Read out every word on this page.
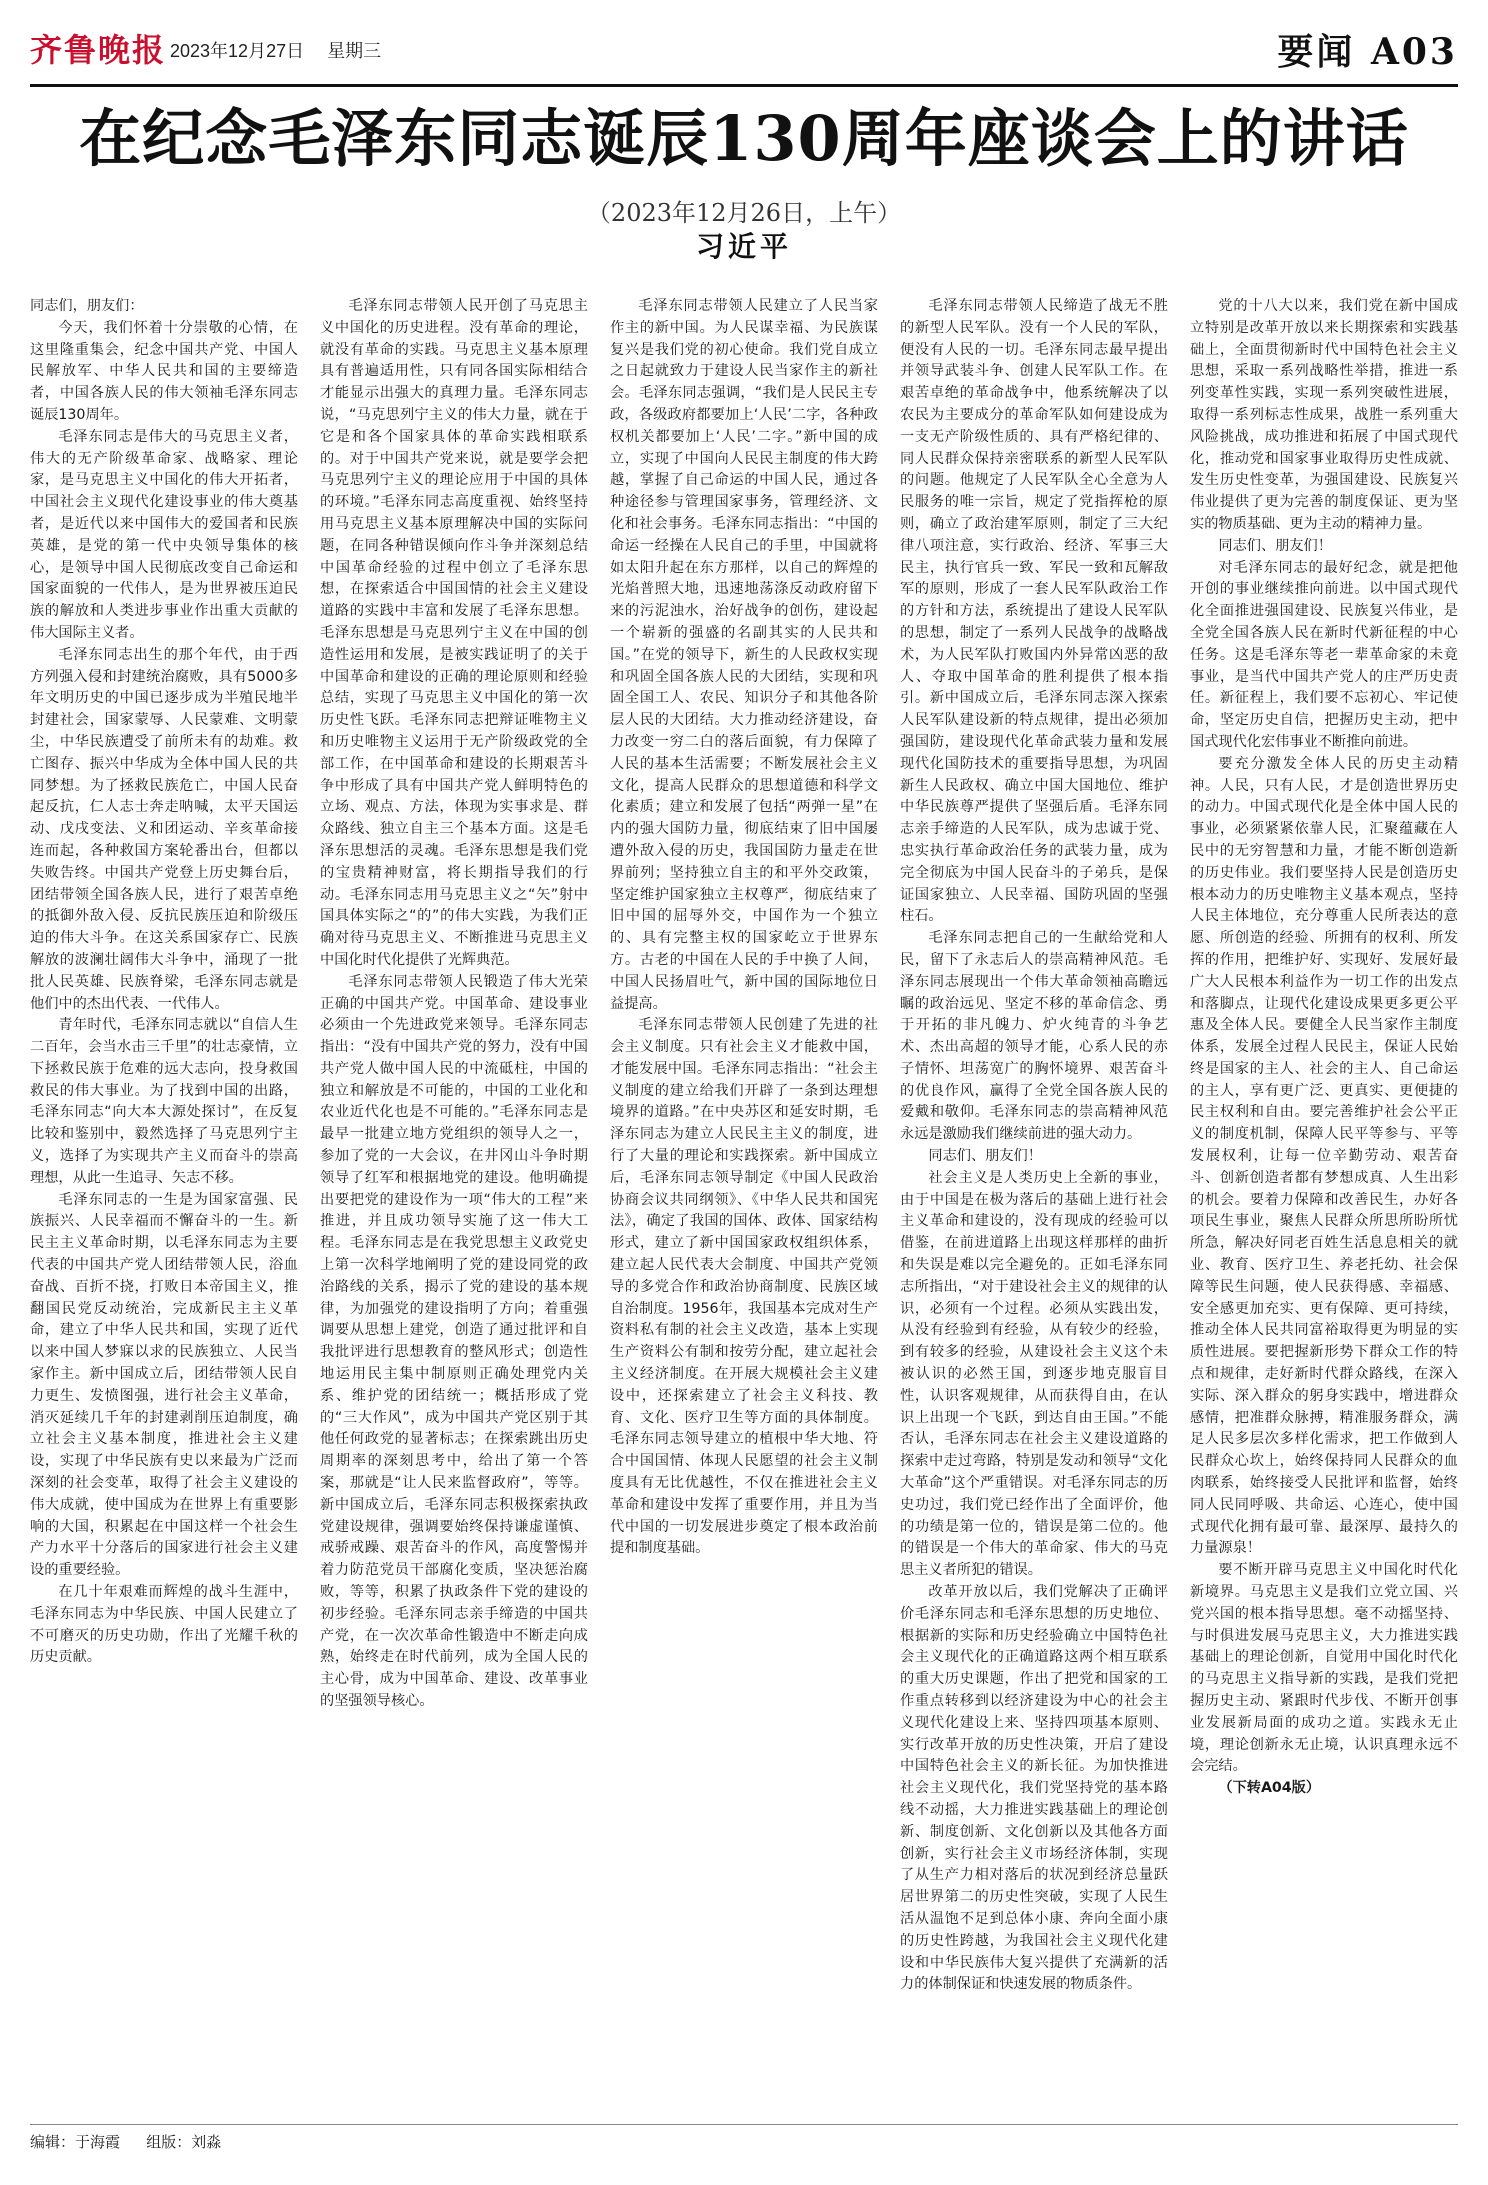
齐鲁晚报 2023年12月27日 星期三	要闻 A03
在纪念毛泽东同志诞辰130周年座谈会上的讲话
（2023年12月26日，上午）
习近平

同志们，朋友们：

今天，我们怀着十分崇敬的心情，在这里隆重集会，纪念中国共产党、中国人民解放军、中华人民共和国的主要缔造者，中国各族人民的伟大领袖毛泽东同志诞辰130周年。

毛泽东同志是伟大的马克思主义者，伟大的无产阶级革命家、战略家、理论家，是马克思主义中国化的伟大开拓者，中国社会主义现代化建设事业的伟大奠基者，是近代以来中国伟大的爱国者和民族英雄，是党的第一代中央领导集体的核心，是领导中国人民彻底改变自己命运和国家面貌的一代伟人，是为世界被压迫民族的解放和人类进步事业作出重大贡献的伟大国际主义者。

毛泽东同志出生的那个年代，由于西方列强入侵和封建统治腐败，具有5000多年文明历史的中国已逐步成为半殖民地半封建社会，国家蒙辱、人民蒙难、文明蒙尘，中华民族遭受了前所未有的劫难。救亡图存、振兴中华成为全体中国人民的共同梦想。为了拯救民族危亡，中国人民奋起反抗，仁人志士奔走呐喊，太平天国运动、戊戌变法、义和团运动、辛亥革命接连而起，各种救国方案轮番出台，但都以失败告终。中国共产党登上历史舞台后，团结带领全国各族人民，进行了艰苦卓绝的抵御外敌入侵、反抗民族压迫和阶级压迫的伟大斗争。在这关系国家存亡、民族解放的波澜壮阔伟大斗争中，涌现了一批批人民英雄、民族脊梁，毛泽东同志就是他们中的杰出代表、一代伟人。

青年时代，毛泽东同志就以“自信人生二百年，会当水击三千里”的壮志豪情，立下拯救民族于危难的远大志向，投身救国救民的伟大事业。为了找到中国的出路，毛泽东同志“向大本大源处探讨”，在反复比较和鉴别中，毅然选择了马克思列宁主义，选择了为实现共产主义而奋斗的崇高理想，从此一生追寻、矢志不移。

毛泽东同志的一生是为国家富强、民族振兴、人民幸福而不懈奋斗的一生。新民主主义革命时期，以毛泽东同志为主要代表的中国共产党人团结带领人民，浴血奋战、百折不挠，打败日本帝国主义，推翻国民党反动统治，完成新民主主义革命，建立了中华人民共和国，实现了近代以来中国人梦寐以求的民族独立、人民当家作主。新中国成立后，团结带领人民自力更生、发愤图强，进行社会主义革命，消灭延续几千年的封建剥削压迫制度，确立社会主义基本制度，推进社会主义建设，实现了中华民族有史以来最为广泛而深刻的社会变革，取得了社会主义建设的伟大成就，使中国成为在世界上有重要影响的大国，积累起在中国这样一个社会生产力水平十分落后的国家进行社会主义建设的重要经验。

在几十年艰难而辉煌的战斗生涯中，毛泽东同志为中华民族、中国人民建立了不可磨灭的历史功勋，作出了光耀千秋的历史贡献。

毛泽东同志带领人民开创了马克思主义中国化的历史进程。没有革命的理论，就没有革命的实践。马克思主义基本原理具有普遍适用性，只有同各国实际相结合才能显示出强大的真理力量。毛泽东同志说，“马克思列宁主义的伟大力量，就在于它是和各个国家具体的革命实践相联系的。对于中国共产党来说，就是要学会把马克思列宁主义的理论应用于中国的具体的环境。”毛泽东同志高度重视、始终坚持用马克思主义基本原理解决中国的实际问题，在同各种错误倾向作斗争并深刻总结中国革命经验的过程中创立了毛泽东思想，在探索适合中国国情的社会主义建设道路的实践中丰富和发展了毛泽东思想。毛泽东思想是马克思列宁主义在中国的创造性运用和发展，是被实践证明了的关于中国革命和建设的正确的理论原则和经验总结，实现了马克思主义中国化的第一次历史性飞跃。毛泽东同志把辩证唯物主义和历史唯物主义运用于无产阶级政党的全部工作，在中国革命和建设的长期艰苦斗争中形成了具有中国共产党人鲜明特色的立场、观点、方法，体现为实事求是、群众路线、独立自主三个基本方面。这是毛泽东思想活的灵魂。毛泽东思想是我们党的宝贵精神财富，将长期指导我们的行动。毛泽东同志用马克思主义之“矢”射中国具体实际之“的”的伟大实践，为我们正确对待马克思主义、不断推进马克思主义中国化时代化提供了光辉典范。

毛泽东同志带领人民锻造了伟大光荣正确的中国共产党。中国革命、建设事业必须由一个先进政党来领导。毛泽东同志指出：“没有中国共产党的努力，没有中国共产党人做中国人民的中流砥柱，中国的独立和解放是不可能的，中国的工业化和农业近代化也是不可能的。”毛泽东同志是最早一批建立地方党组织的领导人之一，参加了党的一大会议，在井冈山斗争时期领导了红军和根据地党的建设。他明确提出要把党的建设作为一项“伟大的工程”来推进，并且成功领导实施了这一伟大工程。毛泽东同志是在我党思想主义政党史上第一次科学地阐明了党的建设同党的政治路线的关系，揭示了党的建设的基本规律，为加强党的建设指明了方向；着重强调要从思想上建党，创造了通过批评和自我批评进行思想教育的整风形式；创造性地运用民主集中制原则正确处理党内关系、维护党的团结统一；概括形成了党的“三大作风”，成为中国共产党区别于其他任何政党的显著标志；在探索跳出历史周期率的深刻思考中，给出了第一个答案，那就是“让人民来监督政府”，等等。新中国成立后，毛泽东同志积极探索执政党建设规律，强调要始终保持谦虚谨慎、戒骄戒躁、艰苦奋斗的作风，高度警惕并着力防范党员干部腐化变质，坚决惩治腐败，等等，积累了执政条件下党的建设的初步经验。毛泽东同志亲手缔造的中国共产党，在一次次革命性锻造中不断走向成熟，始终走在时代前列，成为全国人民的主心骨，成为中国革命、建设、改革事业的坚强领导核心。

毛泽东同志带领人民建立了人民当家作主的新中国。为人民谋幸福、为民族谋复兴是我们党的初心使命。我们党自成立之日起就致力于建设人民当家作主的新社会。毛泽东同志强调，“我们是人民民主专政，各级政府都要加上‘人民’二字，各种政权机关都要加上‘人民’二字。”新中国的成立，实现了中国向人民民主制度的伟大跨越，掌握了自己命运的中国人民，通过各种途径参与管理国家事务，管理经济、文化和社会事务。毛泽东同志指出：“中国的命运一经操在人民自己的手里，中国就将如太阳升起在东方那样，以自己的辉煌的光焰普照大地，迅速地荡涤反动政府留下来的污泥浊水，治好战争的创伤，建设起一个崭新的强盛的名副其实的人民共和国。”在党的领导下，新生的人民政权实现和巩固全国各族人民的大团结，实现和巩固全国工人、农民、知识分子和其他各阶层人民的大团结。大力推动经济建设，奋力改变一穷二白的落后面貌，有力保障了人民的基本生活需要；不断发展社会主义文化，提高人民群众的思想道德和科学文化素质；建立和发展了包括“两弹一星”在内的强大国防力量，彻底结束了旧中国屡遭外敌入侵的历史，我国国防力量走在世界前列；坚持独立自主的和平外交政策，坚定维护国家独立主权尊严，彻底结束了旧中国的屈辱外交，中国作为一个独立的、具有完整主权的国家屹立于世界东方。古老的中国在人民的手中换了人间，中国人民扬眉吐气，新中国的国际地位日益提高。

毛泽东同志带领人民创建了先进的社会主义制度。只有社会主义才能救中国，才能发展中国。毛泽东同志指出：“社会主义制度的建立给我们开辟了一条到达理想境界的道路。”在中央苏区和延安时期，毛泽东同志为建立人民民主主义的制度，进行了大量的理论和实践探索。新中国成立后，毛泽东同志领导制定《中国人民政治协商会议共同纲领》、《中华人民共和国宪法》，确定了我国的国体、政体、国家结构形式，建立了新中国国家政权组织体系，建立起人民代表大会制度、中国共产党领导的多党合作和政治协商制度、民族区域自治制度。1956年，我国基本完成对生产资料私有制的社会主义改造，基本上实现生产资料公有制和按劳分配，建立起社会主义经济制度。在开展大规模社会主义建设中，还探索建立了社会主义科技、教育、文化、医疗卫生等方面的具体制度。毛泽东同志领导建立的植根中华大地、符合中国国情、体现人民愿望的社会主义制度具有无比优越性，不仅在推进社会主义革命和建设中发挥了重要作用，并且为当代中国的一切发展进步奠定了根本政治前提和制度基础。

毛泽东同志带领人民缔造了战无不胜的新型人民军队。没有一个人民的军队，便没有人民的一切。毛泽东同志最早提出并领导武装斗争、创建人民军队工作。在艰苦卓绝的革命战争中，他系统解决了以农民为主要成分的革命军队如何建设成为一支无产阶级性质的、具有严格纪律的、同人民群众保持亲密联系的新型人民军队的问题。他规定了人民军队全心全意为人民服务的唯一宗旨，规定了党指挥枪的原则，确立了政治建军原则，制定了三大纪律八项注意，实行政治、经济、军事三大民主，执行官兵一致、军民一致和瓦解敌军的原则，形成了一套人民军队政治工作的方针和方法，系统提出了建设人民军队的思想，制定了一系列人民战争的战略战术，为人民军队打败国内外异常凶恶的敌人、夺取中国革命的胜利提供了根本指引。新中国成立后，毛泽东同志深入探索人民军队建设新的特点规律，提出必须加强国防，建设现代化革命武装力量和发展现代化国防技术的重要指导思想，为巩固新生人民政权、确立中国大国地位、维护中华民族尊严提供了坚强后盾。毛泽东同志亲手缔造的人民军队，成为忠诚于党、忠实执行革命政治任务的武装力量，成为完全彻底为中国人民奋斗的子弟兵，是保证国家独立、人民幸福、国防巩固的坚强柱石。

毛泽东同志把自己的一生献给党和人民，留下了永志后人的崇高精神风范。毛泽东同志展现出一个伟大革命领袖高瞻远瞩的政治远见、坚定不移的革命信念、勇于开拓的非凡魄力、炉火纯青的斗争艺术、杰出高超的领导才能，心系人民的赤子情怀、坦荡宽广的胸怀境界、艰苦奋斗的优良作风，赢得了全党全国各族人民的爱戴和敬仰。毛泽东同志的崇高精神风范永远是激励我们继续前进的强大动力。

同志们、朋友们！

社会主义是人类历史上全新的事业，由于中国是在极为落后的基础上进行社会主义革命和建设的，没有现成的经验可以借鉴，在前进道路上出现这样那样的曲折和失误是难以完全避免的。正如毛泽东同志所指出，“对于建设社会主义的规律的认识，必须有一个过程。必须从实践出发，从没有经验到有经验，从有较少的经验，到有较多的经验，从建设社会主义这个未被认识的必然王国，到逐步地克服盲目性，认识客观规律，从而获得自由，在认识上出现一个飞跃，到达自由王国。”不能否认，毛泽东同志在社会主义建设道路的探索中走过弯路，特别是发动和领导“文化大革命”这个严重错误。对毛泽东同志的历史功过，我们党已经作出了全面评价，他的功绩是第一位的，错误是第二位的。他的错误是一个伟大的革命家、伟大的马克思主义者所犯的错误。

改革开放以后，我们党解决了正确评价毛泽东同志和毛泽东思想的历史地位、根据新的实际和历史经验确立中国特色社会主义现代化的正确道路这两个相互联系的重大历史课题，作出了把党和国家的工作重点转移到以经济建设为中心的社会主义现代化建设上来、坚持四项基本原则、实行改革开放的历史性决策，开启了建设中国特色社会主义的新长征。为加快推进社会主义现代化，我们党坚持党的基本路线不动摇，大力推进实践基础上的理论创新、制度创新、文化创新以及其他各方面创新，实行社会主义市场经济体制，实现了从生产力相对落后的状况到经济总量跃居世界第二的历史性突破，实现了人民生活从温饱不足到总体小康、奔向全面小康的历史性跨越，为我国社会主义现代化建设和中华民族伟大复兴提供了充满新的活力的体制保证和快速发展的物质条件。

党的十八大以来，我们党在新中国成立特别是改革开放以来长期探索和实践基础上，全面贯彻新时代中国特色社会主义思想，采取一系列战略性举措，推进一系列变革性实践，实现一系列突破性进展，取得一系列标志性成果，战胜一系列重大风险挑战，成功推进和拓展了中国式现代化，推动党和国家事业取得历史性成就、发生历史性变革，为强国建设、民族复兴伟业提供了更为完善的制度保证、更为坚实的物质基础、更为主动的精神力量。

同志们、朋友们！

对毛泽东同志的最好纪念，就是把他开创的事业继续推向前进。以中国式现代化全面推进强国建设、民族复兴伟业，是全党全国各族人民在新时代新征程的中心任务。这是毛泽东等老一辈革命家的未竟事业，是当代中国共产党人的庄严历史责任。新征程上，我们要不忘初心、牢记使命，坚定历史自信，把握历史主动，把中国式现代化宏伟事业不断推向前进。

要充分激发全体人民的历史主动精神。人民，只有人民，才是创造世界历史的动力。中国式现代化是全体中国人民的事业，必须紧紧依靠人民，汇聚蕴藏在人民中的无穷智慧和力量，才能不断创造新的历史伟业。我们要坚持人民是创造历史根本动力的历史唯物主义基本观点，坚持人民主体地位，充分尊重人民所表达的意愿、所创造的经验、所拥有的权利、所发挥的作用，把维护好、实现好、发展好最广大人民根本利益作为一切工作的出发点和落脚点，让现代化建设成果更多更公平惠及全体人民。要健全人民当家作主制度体系，发展全过程人民民主，保证人民始终是国家的主人、社会的主人、自己命运的主人，享有更广泛、更真实、更便捷的民主权利和自由。要完善维护社会公平正义的制度机制，保障人民平等参与、平等发展权利，让每一位辛勤劳动、艰苦奋斗、创新创造者都有梦想成真、人生出彩的机会。要着力保障和改善民生，办好各项民生事业，聚焦人民群众所思所盼所忧所急，解决好同老百姓生活息息相关的就业、教育、医疗卫生、养老托幼、社会保障等民生问题，使人民获得感、幸福感、安全感更加充实、更有保障、更可持续，推动全体人民共同富裕取得更为明显的实质性进展。要把握新形势下群众工作的特点和规律，走好新时代群众路线，在深入实际、深入群众的躬身实践中，增进群众感情，把准群众脉搏，精准服务群众，满足人民多层次多样化需求，把工作做到人民群众心坎上，始终保持同人民群众的血肉联系，始终接受人民批评和监督，始终同人民同呼吸、共命运、心连心，使中国式现代化拥有最可靠、最深厚、最持久的力量源泉！

要不断开辟马克思主义中国化时代化新境界。马克思主义是我们立党立国、兴党兴国的根本指导思想。毫不动摇坚持、与时俱进发展马克思主义，大力推进实践基础上的理论创新，自觉用中国化时代化的马克思主义指导新的实践，是我们党把握历史主动、紧跟时代步伐、不断开创事业发展新局面的成功之道。实践永无止境，理论创新永无止境，认识真理永远不会完结。

（下转A04版）

编辑：于海霞 组版：刘淼
